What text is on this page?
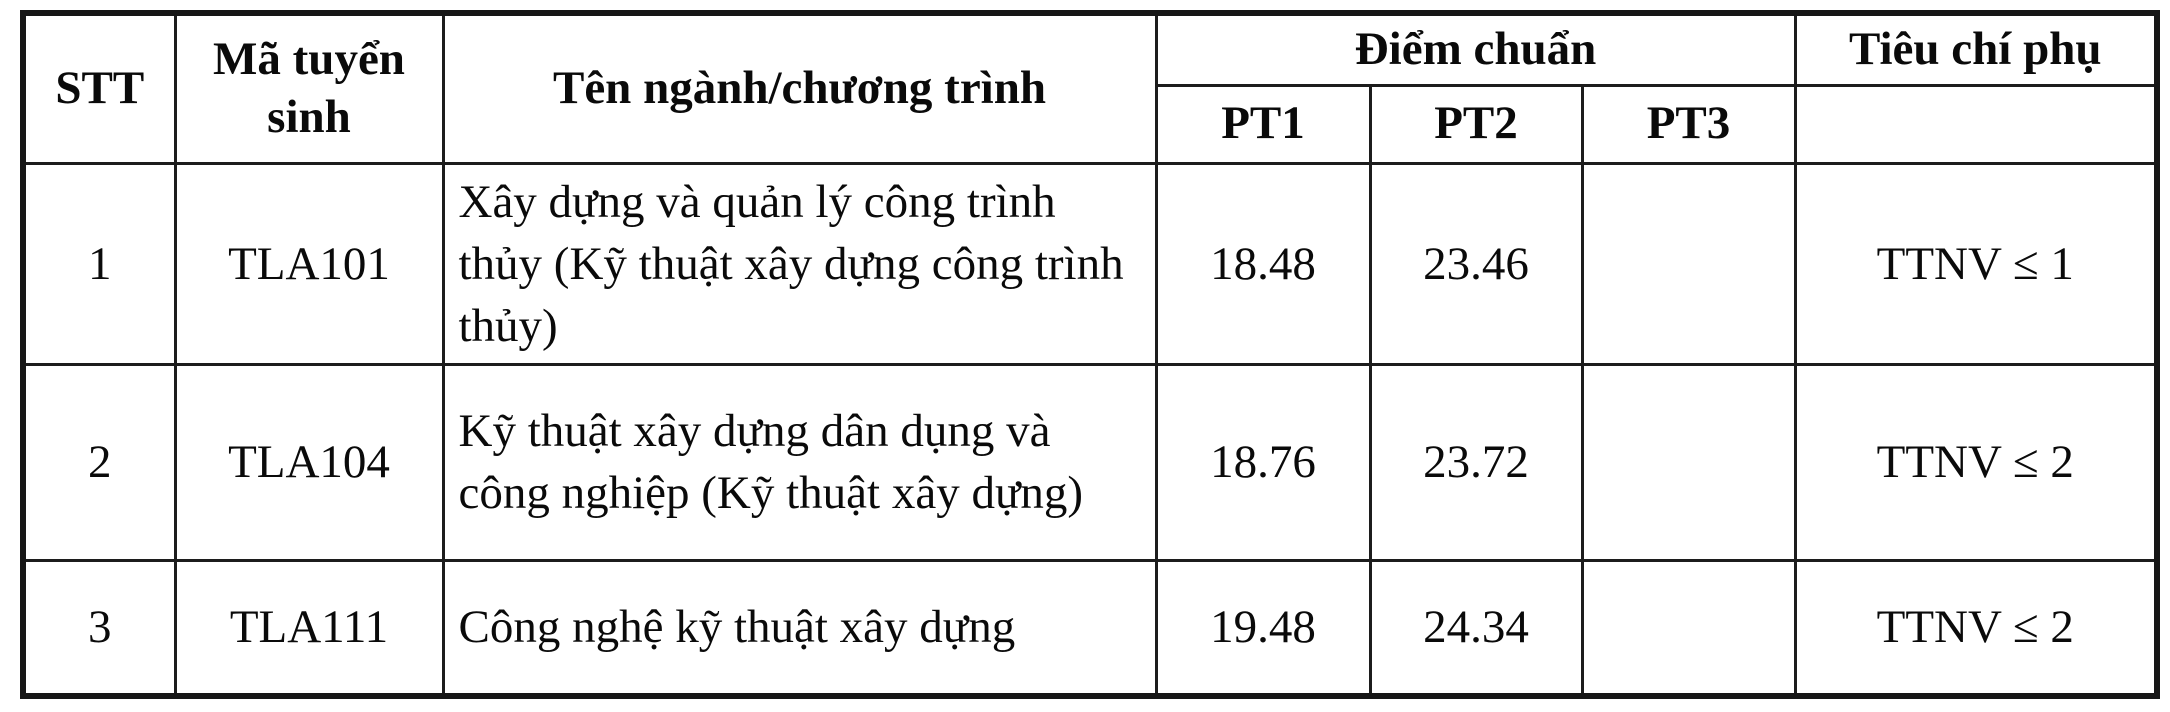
STT	Mã tuyển sinh	Tên ngành/chương trình	Điểm chuẩn			Tiêu chí phụ
			PT1	PT2	PT3	
1	TLA101	Xây dựng và quản lý công trình thủy (Kỹ thuật xây dựng công trình thủy)	18.48	23.46		TTNV ≤ 1
2	TLA104	Kỹ thuật xây dựng dân dụng và công nghiệp (Kỹ thuật xây dựng)	18.76	23.72		TTNV ≤ 2
3	TLA111	Công nghệ kỹ thuật xây dựng	19.48	24.34		TTNV ≤ 2
